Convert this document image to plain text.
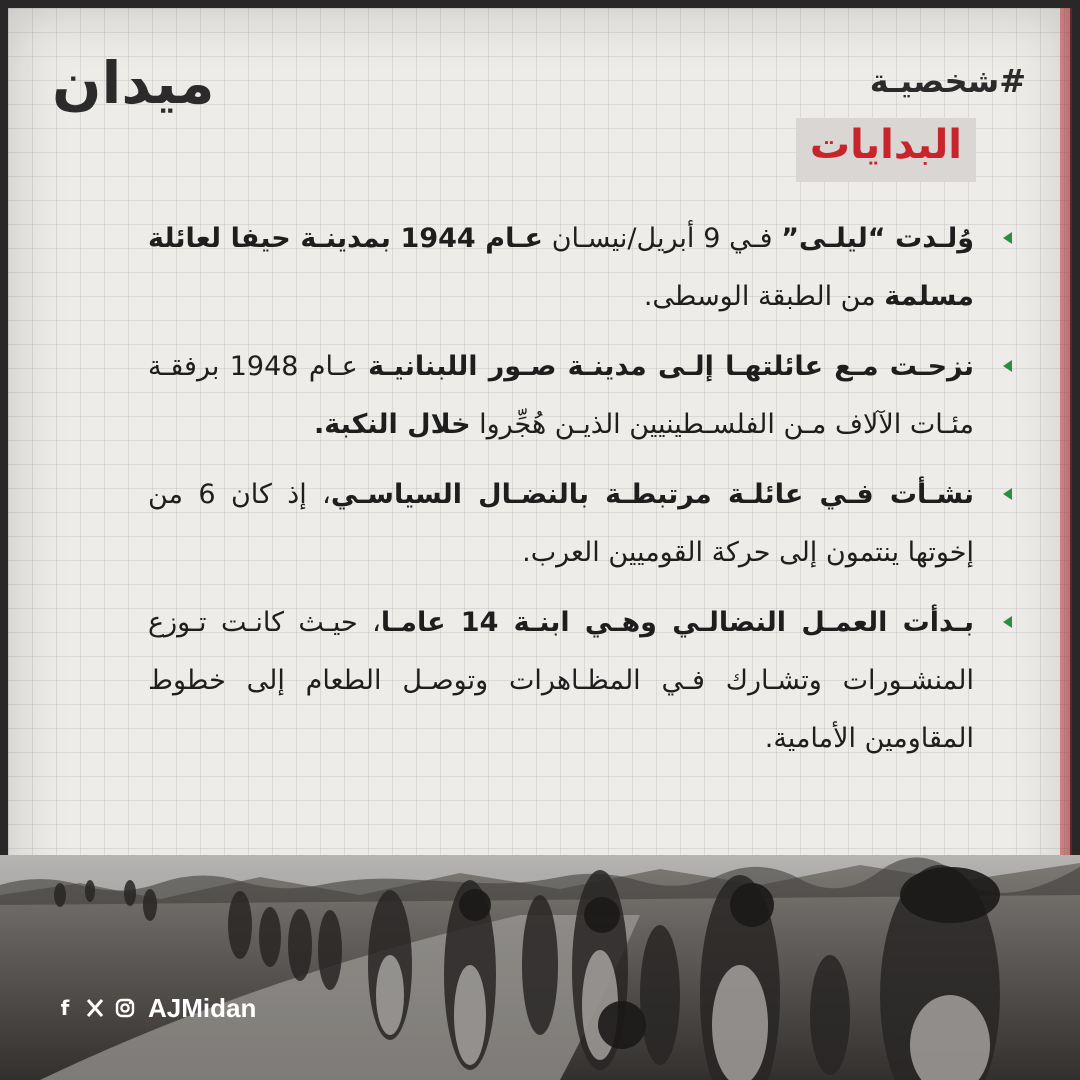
ميدان	#شخصيـة
البدايات
وُلـدت “ليلـى” فـي 9 أبريل/نيسـان عـام 1944 بمدينـة حيفا لعائلة مسلمة من الطبقة الوسطى.
نزحـت مـع عائلتهـا إلـى مدينـة صـور اللبنانيـة عـام 1948 برفقـة مئـات الآلاف مـن الفلسـطينيين الذيـن هُجِّروا خلال النكبة.
نشـأت فـي عائلـة مرتبطـة بالنضـال السياسـي، إذ كان 6 من إخوتها ينتمون إلى حركة القوميين العرب.
بـدأت العمـل النضالـي وهـي ابنـة 14 عامـا، حيـث كانـت تـوزع المنشـورات وتشـارك فـي المظـاهرات وتوصـل الطعام إلى خطوط المقاومين الأمامية.
f	AJMidan
